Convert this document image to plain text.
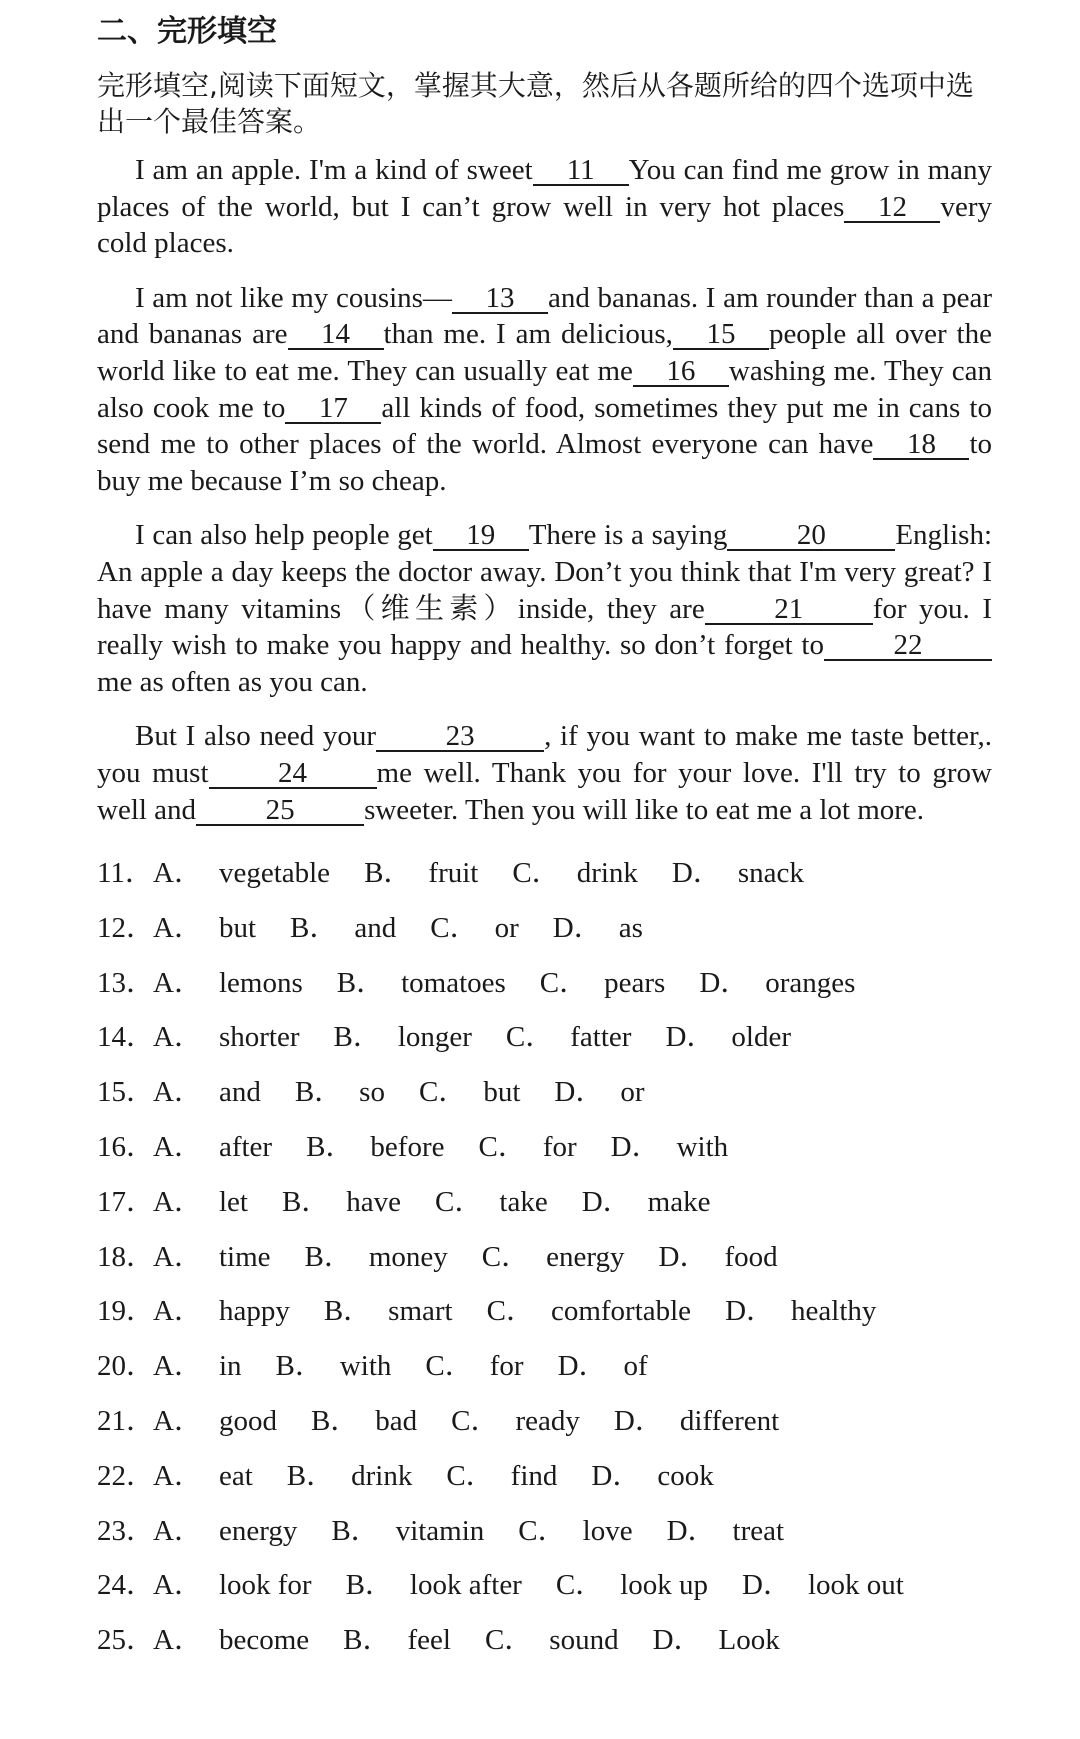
二、完形填空
完形填空,阅读下面短文，掌握其大意，然后从各题所给的四个选项中选出一个最佳答案。

I am an apple. I'm a kind of sweet 11 You can find me grow in many places of the world, but I can’t grow well in very hot places 12 very cold places.

I am not like my cousins— 13 and bananas. I am rounder than a pear and bananas are 14 than me. I am delicious, 15 people all over the world like to eat me. They can usually eat me 16 washing me. They can also cook me to 17 all kinds of food, sometimes they put me in cans to send me to other places of the world. Almost everyone can have 18 to buy me because I’m so cheap.

I can also help people get 19 There is a saying 20 English: An apple a day keeps the doctor away. Don’t you think that I'm very great? I have many vitamins（维生素）inside, they are 21 for you. I really wish to make you happy and healthy. so don’t forget to 22me as often as you can.

But I also need your 23 , if you want to make me taste better,. you must 24 me well. Thank you for your love. I'll try to grow well and 25 sweeter. Then you will like to eat me a lot more.

11．A． vegetable B． fruit C． drink D． snack
12．A． but B． and C． or D． as
13．A． lemons B． tomatoes C． pears D． oranges
14．A． shorter B． longer C． fatter D． older
15．A． and B． so C． but D． or
16．A． after B． before C． for D． with
17．A． let B． have C． take D． make
18．A． time B． money C． energy D． food
19．A． happy B． smart C． comfortable D． healthy
20．A． in B． with C． for D． of
21．A． good B． bad C． ready D． different
22．A． eat B． drink C． find D． cook
23．A． energy B． vitamin C． love D． treat
24．A． look for B． look after C． look up D． look out
25．A． become B． feel C． sound D． Look
